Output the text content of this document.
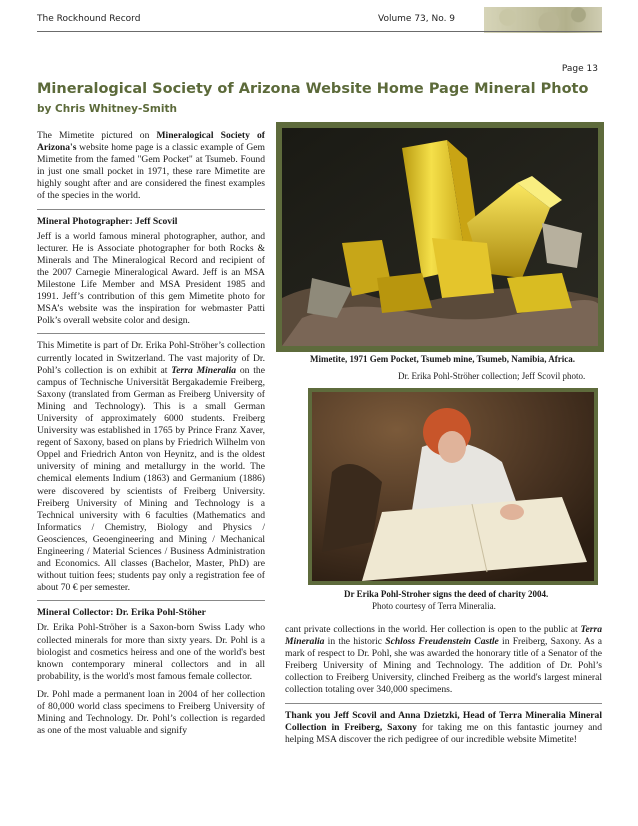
The Rockhound Record	Volume 73, No. 9
Page 13
Mineralogical Society of Arizona Website Home Page Mineral Photo
by Chris Whitney-Smith

The Mimetite pictured on Mineralogical Society of Arizona's website home page is a classic example of Gem Mimetite from the famed "Gem Pocket" at Tsumeb. Found in just one small pocket in 1971, these rare Mimetite are highly sought after and are considered the finest examples of the species in the world.

Mineral Photographer: Jeff Scovil

Jeff is a world famous mineral photographer, author, and lecturer. He is Associate photographer for both Rocks & Minerals and The Mineralogical Record and recipient of the 2007 Carnegie Mineralogical Award. Jeff is an MSA Milestone Life Member and MSA President 1985 and 1991. Jeff’s contribution of this gem Mimetite photo for MSA’s website was the inspiration for webmaster Patti Polk’s overall website color and design.

This Mimetite is part of Dr. Erika Pohl-Ströher’s collection currently located in Switzerland. The vast majority of Dr. Pohl’s collection is on exhibit at Terra Mineralia on the campus of Technische Universität Bergakademie Freiberg, Saxony (translated from German as Freiberg University of Mining and Technology). This is a small German University of approximately 6000 students. Freiberg University was established in 1765 by Prince Franz Xaver, regent of Saxony, based on plans by Friedrich Wilhelm von Oppel and Friedrich Anton von Heynitz, and is the oldest university of mining and metallurgy in the world. The chemical elements Indium (1863) and Germanium (1886) were discovered by scientists of Freiberg University. Freiberg University of Mining and Technology is a Technical university with 6 faculties (Mathematics and Informatics / Chemistry, Biology and Physics / Geosciences, Geoengineering and Mining / Mechanical Engineering / Material Sciences / Business Administration and Economics. All classes (Bachelor, Master, PhD) are without tuition fees; students pay only a registration fee of about 70 € per semester.

Mineral Collector: Dr. Erika Pohl-Stöher

Dr. Erika Pohl-Ströher is a Saxon-born Swiss Lady who collected minerals for more than sixty years. Dr. Pohl is a biologist and cosmetics heiress and one of the world's best known contemporary mineral collectors and in all probability, is the world's most famous female collector.

Dr. Pohl made a permanent loan in 2004 of her collection of 80,000 world class specimens to Freiberg University of Mining and Technology. Dr. Pohl’s collection is regarded as one of the most valuable and signify

Mimetite, 1971 Gem Pocket, Tsumeb mine, Tsumeb, Namibia, Africa.
Dr. Erika Pohl-Ströher collection; Jeff Scovil photo.
Dr Erika Pohl-Stroher signs the deed of charity 2004.
Photo courtesy of Terra Mineralia.

cant private collections in the world. Her collection is open to the public at Terra Mineralia in the historic Schloss Freudenstein Castle in Freiberg, Saxony. As a mark of respect to Dr. Pohl, she was awarded the honorary title of a Senator of the Freiberg University of Mining and Technology. The addition of Dr. Pohl’s collection to Freiberg University, clinched Freiberg as the world's largest mineral collection totaling over 340,000 specimens.

Thank you Jeff Scovil and Anna Dzietzki, Head of Terra Mineralia Mineral Collection in Freiberg, Saxony for taking me on this fantastic journey and helping MSA discover the rich pedigree of our incredible website Mimetite!
